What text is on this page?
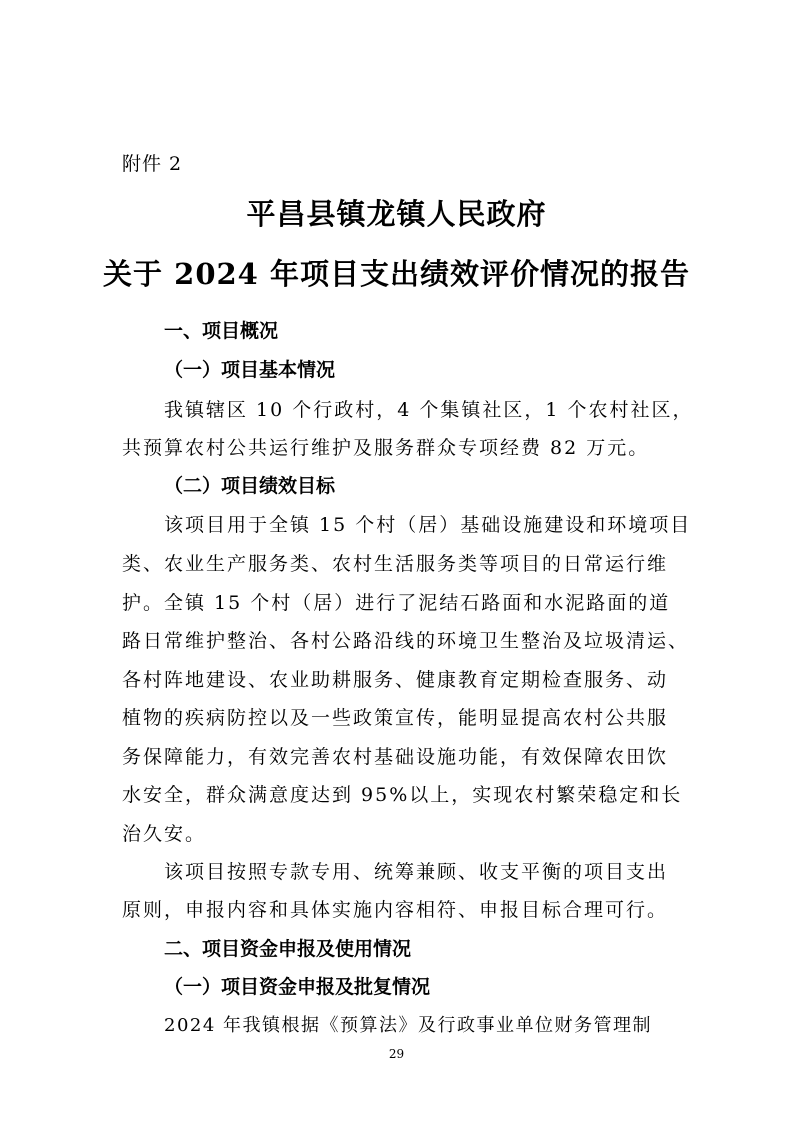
附件 2

平昌县镇龙镇人民政府
关于 2024 年项目支出绩效评价情况的报告

一、项目概况

（一）项目基本情况

我镇辖区 10 个行政村，4 个集镇社区，1 个农村社区，

共预算农村公共运行维护及服务群众专项经费 82 万元。

（二）项目绩效目标

该项目用于全镇 15 个村（居）基础设施建设和环境项目

类、农业生产服务类、农村生活服务类等项目的日常运行维

护。全镇 15 个村（居）进行了泥结石路面和水泥路面的道

路日常维护整治、各村公路沿线的环境卫生整治及垃圾清运、

各村阵地建设、农业助耕服务、健康教育定期检查服务、动

植物的疾病防控以及一些政策宣传，能明显提高农村公共服

务保障能力，有效完善农村基础设施功能，有效保障农田饮

水安全，群众满意度达到 95%以上，实现农村繁荣稳定和长

治久安。

该项目按照专款专用、统筹兼顾、收支平衡的项目支出

原则，申报内容和具体实施内容相符、申报目标合理可行。

二、项目资金申报及使用情况

（一）项目资金申报及批复情况

2024 年我镇根据《预算法》及行政事业单位财务管理制

29
